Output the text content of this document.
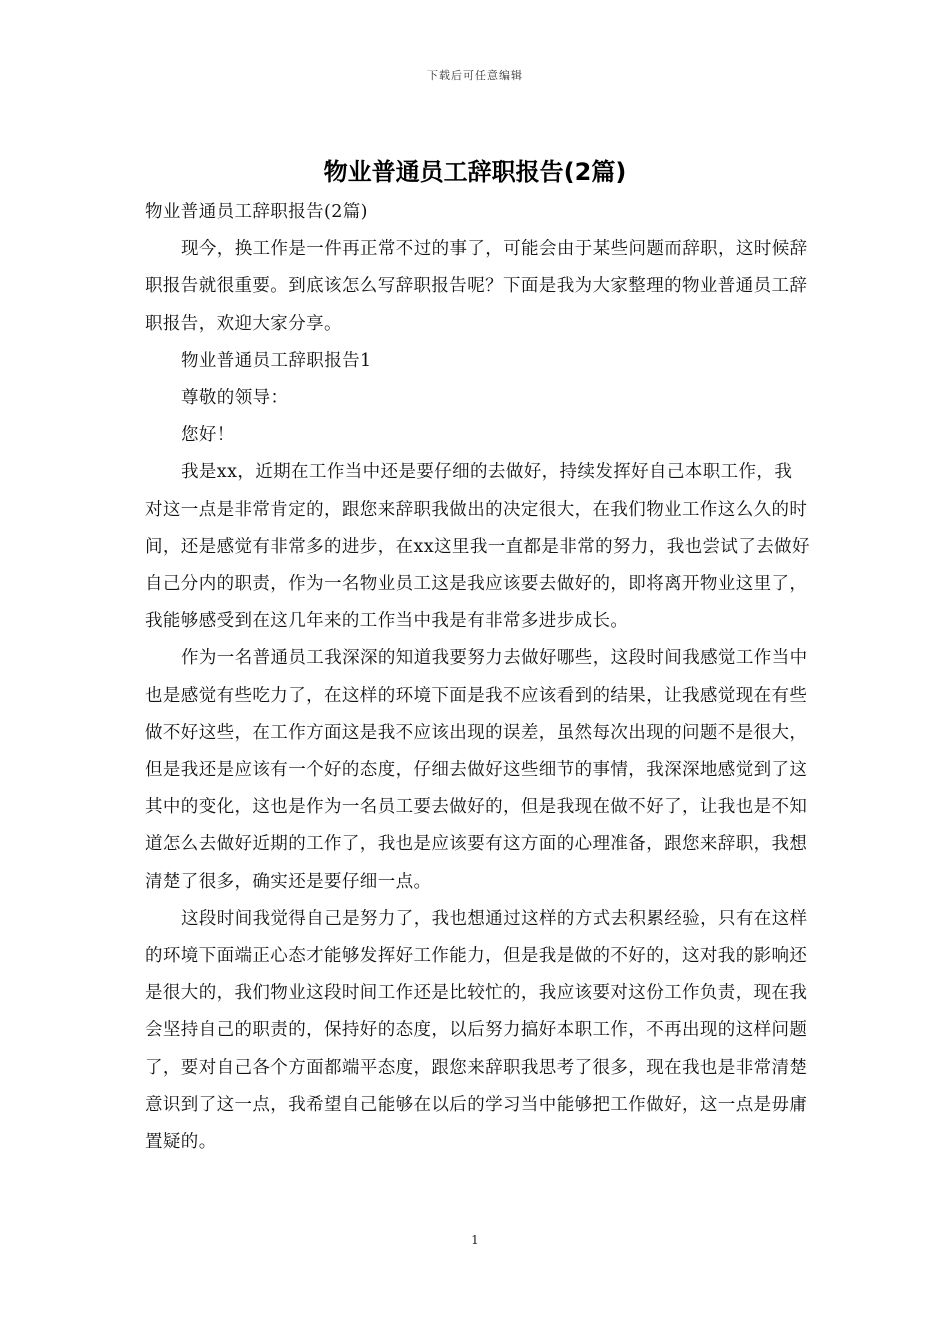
下载后可任意编辑
物业普通员工辞职报告(2篇)

物业普通员工辞职报告(2篇)

现今，换工作是一件再正常不过的事了，可能会由于某些问题而辞职，这时候辞职报告就很重要。到底该怎么写辞职报告呢？下面是我为大家整理的物业普通员工辞职报告，欢迎大家分享。

物业普通员工辞职报告1

尊敬的领导：

您好！

我是xx，近期在工作当中还是要仔细的去做好，持续发挥好自己本职工作，我对这一点是非常肯定的，跟您来辞职我做出的决定很大，在我们物业工作这么久的时间，还是感觉有非常多的进步，在xx这里我一直都是非常的努力，我也尝试了去做好自己分内的职责，作为一名物业员工这是我应该要去做好的，即将离开物业这里了，我能够感受到在这几年来的工作当中我是有非常多进步成长。

作为一名普通员工我深深的知道我要努力去做好哪些，这段时间我感觉工作当中也是感觉有些吃力了，在这样的环境下面是我不应该看到的结果，让我感觉现在有些做不好这些，在工作方面这是我不应该出现的误差，虽然每次出现的问题不是很大，但是我还是应该有一个好的态度，仔细去做好这些细节的事情，我深深地感觉到了这其中的变化，这也是作为一名员工要去做好的，但是我现在做不好了，让我也是不知道怎么去做好近期的工作了，我也是应该要有这方面的心理准备，跟您来辞职，我想清楚了很多，确实还是要仔细一点。

这段时间我觉得自己是努力了，我也想通过这样的方式去积累经验，只有在这样的环境下面端正心态才能够发挥好工作能力，但是我是做的不好的，这对我的影响还是很大的，我们物业这段时间工作还是比较忙的，我应该要对这份工作负责，现在我会坚持自己的职责的，保持好的态度，以后努力搞好本职工作，不再出现的这样问题了，要对自己各个方面都端平态度，跟您来辞职我思考了很多，现在我也是非常清楚意识到了这一点，我希望自己能够在以后的学习当中能够把工作做好，这一点是毋庸置疑的。

1
